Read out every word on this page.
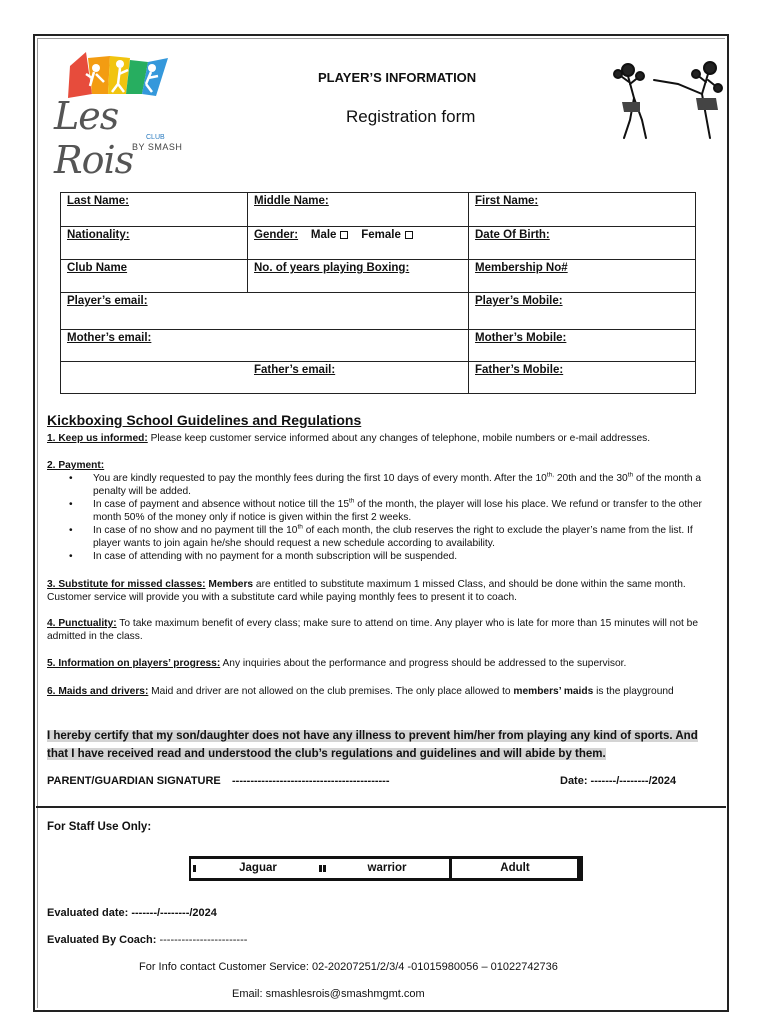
Les Rois
CLUB
BY SMASH
PLAYER’S INFORMATION
Registration form
Last Name:	Middle Name:	First Name:
Nationality:	Gender: Male Female	Date Of Birth:
Club Name	No. of years playing Boxing:	Membership No#
Player’s email:		Player’s Mobile:
Mother’s email:		Mother’s Mobile:
Father’s email:		Father’s Mobile:
Kickboxing School Guidelines and Regulations
1. Keep us informed: Please keep customer service informed about any changes of telephone, mobile numbers or e-mail addresses.
2. Payment:
• You are kindly requested to pay the monthly fees during the first 10 days of every month. After the $10^{th,}$ 20th and the 30th of the month a penalty will be added.
• In case of payment and absence without notice till the 15th of the month, the player will lose his place. We refund or transfer to the other month 50% of the money only if notice is given within the first 2 weeks.
• In case of no show and no payment till the 10th of each month, the club reserves the right to exclude the player’s name from the list. If player wants to join again he/she should request a new schedule according to availability.
• In case of attending with no payment for a month subscription will be suspended.
3. Substitute for missed classes: Members are entitled to substitute maximum 1 missed Class, and should be done within the same month. Customer service will provide you with a substitute card while paying monthly fees to present it to coach.
4. Punctuality: To take maximum benefit of every class; make sure to attend on time. Any player who is late for more than 15 minutes will not be admitted in the class.
5. Information on players’ progress: Any inquiries about the performance and progress should be addressed to the supervisor.
6. Maids and drivers: Maid and driver are not allowed on the club premises. The only place allowed to members’ maids is the playground
I hereby certify that my son/daughter does not have any illness to prevent him/her from playing any kind of sports. And that I have received read and understood the club’s regulations and guidelines and will abide by them.
PARENT/GUARDIAN SIGNATURE -------------------------------------------	Date: -------/--------/2024
For Staff Use Only:
Jaguar	warrior	Adult
Evaluated date: -------/--------/2024
Evaluated By Coach: ------------------------
For Info contact Customer Service: 02-20207251/2/3/4 -01015980056 – 01022742736
Email: smashlesrois@smashmgmt.com
